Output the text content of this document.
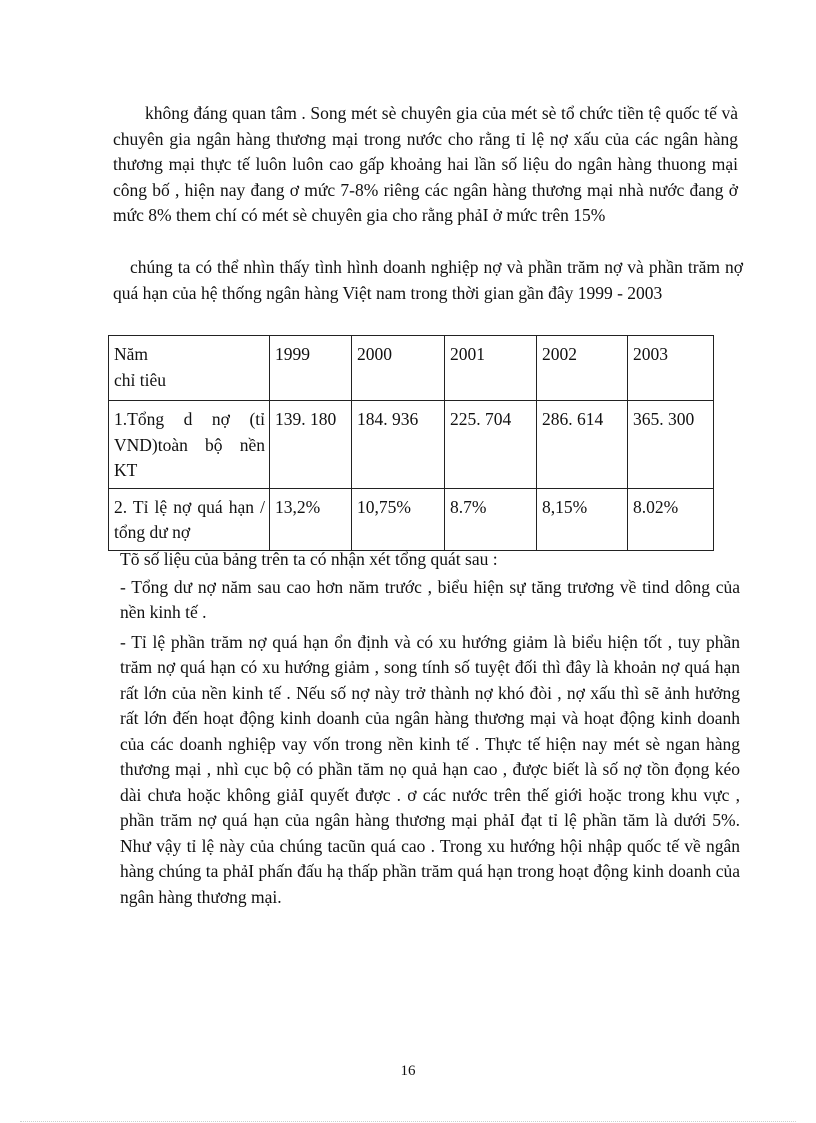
không đáng quan tâm . Song mét sè chuyên gia của mét sè tổ chức tiền tệ quốc tế và chuyên gia ngân hàng thương mại trong nước cho rằng tỉ lệ nợ xấu của các ngân hàng thương mại thực tế luôn luôn cao gấp khoảng hai lần số liệu do ngân hàng thuong mại công bố , hiện nay đang ơ mức 7-8% riêng các ngân hàng thương mại nhà nước đang ở mức 8% them chí có mét sè chuyên gia cho rằng phảI ở mức trên 15%

chúng ta có thể nhìn thấy tình hình doanh nghiệp nợ và phần trăm nợ và phần trăm nợ quá hạn của hệ thống ngân hàng Việt nam trong thời gian gần đây 1999 - 2003

Năm
chỉ tiêu	1999	2000	2001	2002	2003
1.Tổng d nợ (tỉ VND)toàn bộ nền KT	139. 180	184. 936	225. 704	286. 614	365. 300
2. Tỉ lệ nợ quá hạn / tổng dư nợ	13,2%	10,75%	8.7%	8,15%	8.02%

Tõ số liệu của bảng trên ta có nhận xét tổng quát sau :

- Tổng dư nợ năm sau cao hơn năm trước , biểu hiện sự tăng trương về tind dông của nền kinh tế .

- Tỉ lệ phần trăm nợ quá hạn ổn định và có xu hướng giảm là biểu hiện tốt , tuy phần trăm nợ quá hạn có xu hướng giảm , song tính số tuyệt đối thì đây là khoản nợ quá hạn rất lớn của nền kinh tế . Nếu số nợ này trở thành nợ khó đòi , nợ xấu thì sẽ ảnh hưởng rất lớn đến hoạt động kinh doanh của ngân hàng thương mại và hoạt động kinh doanh của các doanh nghiệp vay vốn trong nền kinh tế . Thực tế hiện nay mét sè ngan hàng thương mại , nhì cục bộ có phần tăm nọ quả hạn cao , được biết là số nợ tồn đọng kéo dài chưa hoặc không giảI quyết được . ơ các nước trên thế giới hoặc trong khu vực , phần trăm nợ quá hạn của ngân hàng thương mại phảI đạt tỉ lệ phần tăm là dưới 5%. Như vậy tỉ lệ này của chúng tacũn quá cao . Trong xu hướng hội nhập quốc tế về ngân hàng chúng ta phảI phấn đấu hạ thấp phần trăm quá hạn trong hoạt động kinh doanh của ngân hàng thương mại.

16
